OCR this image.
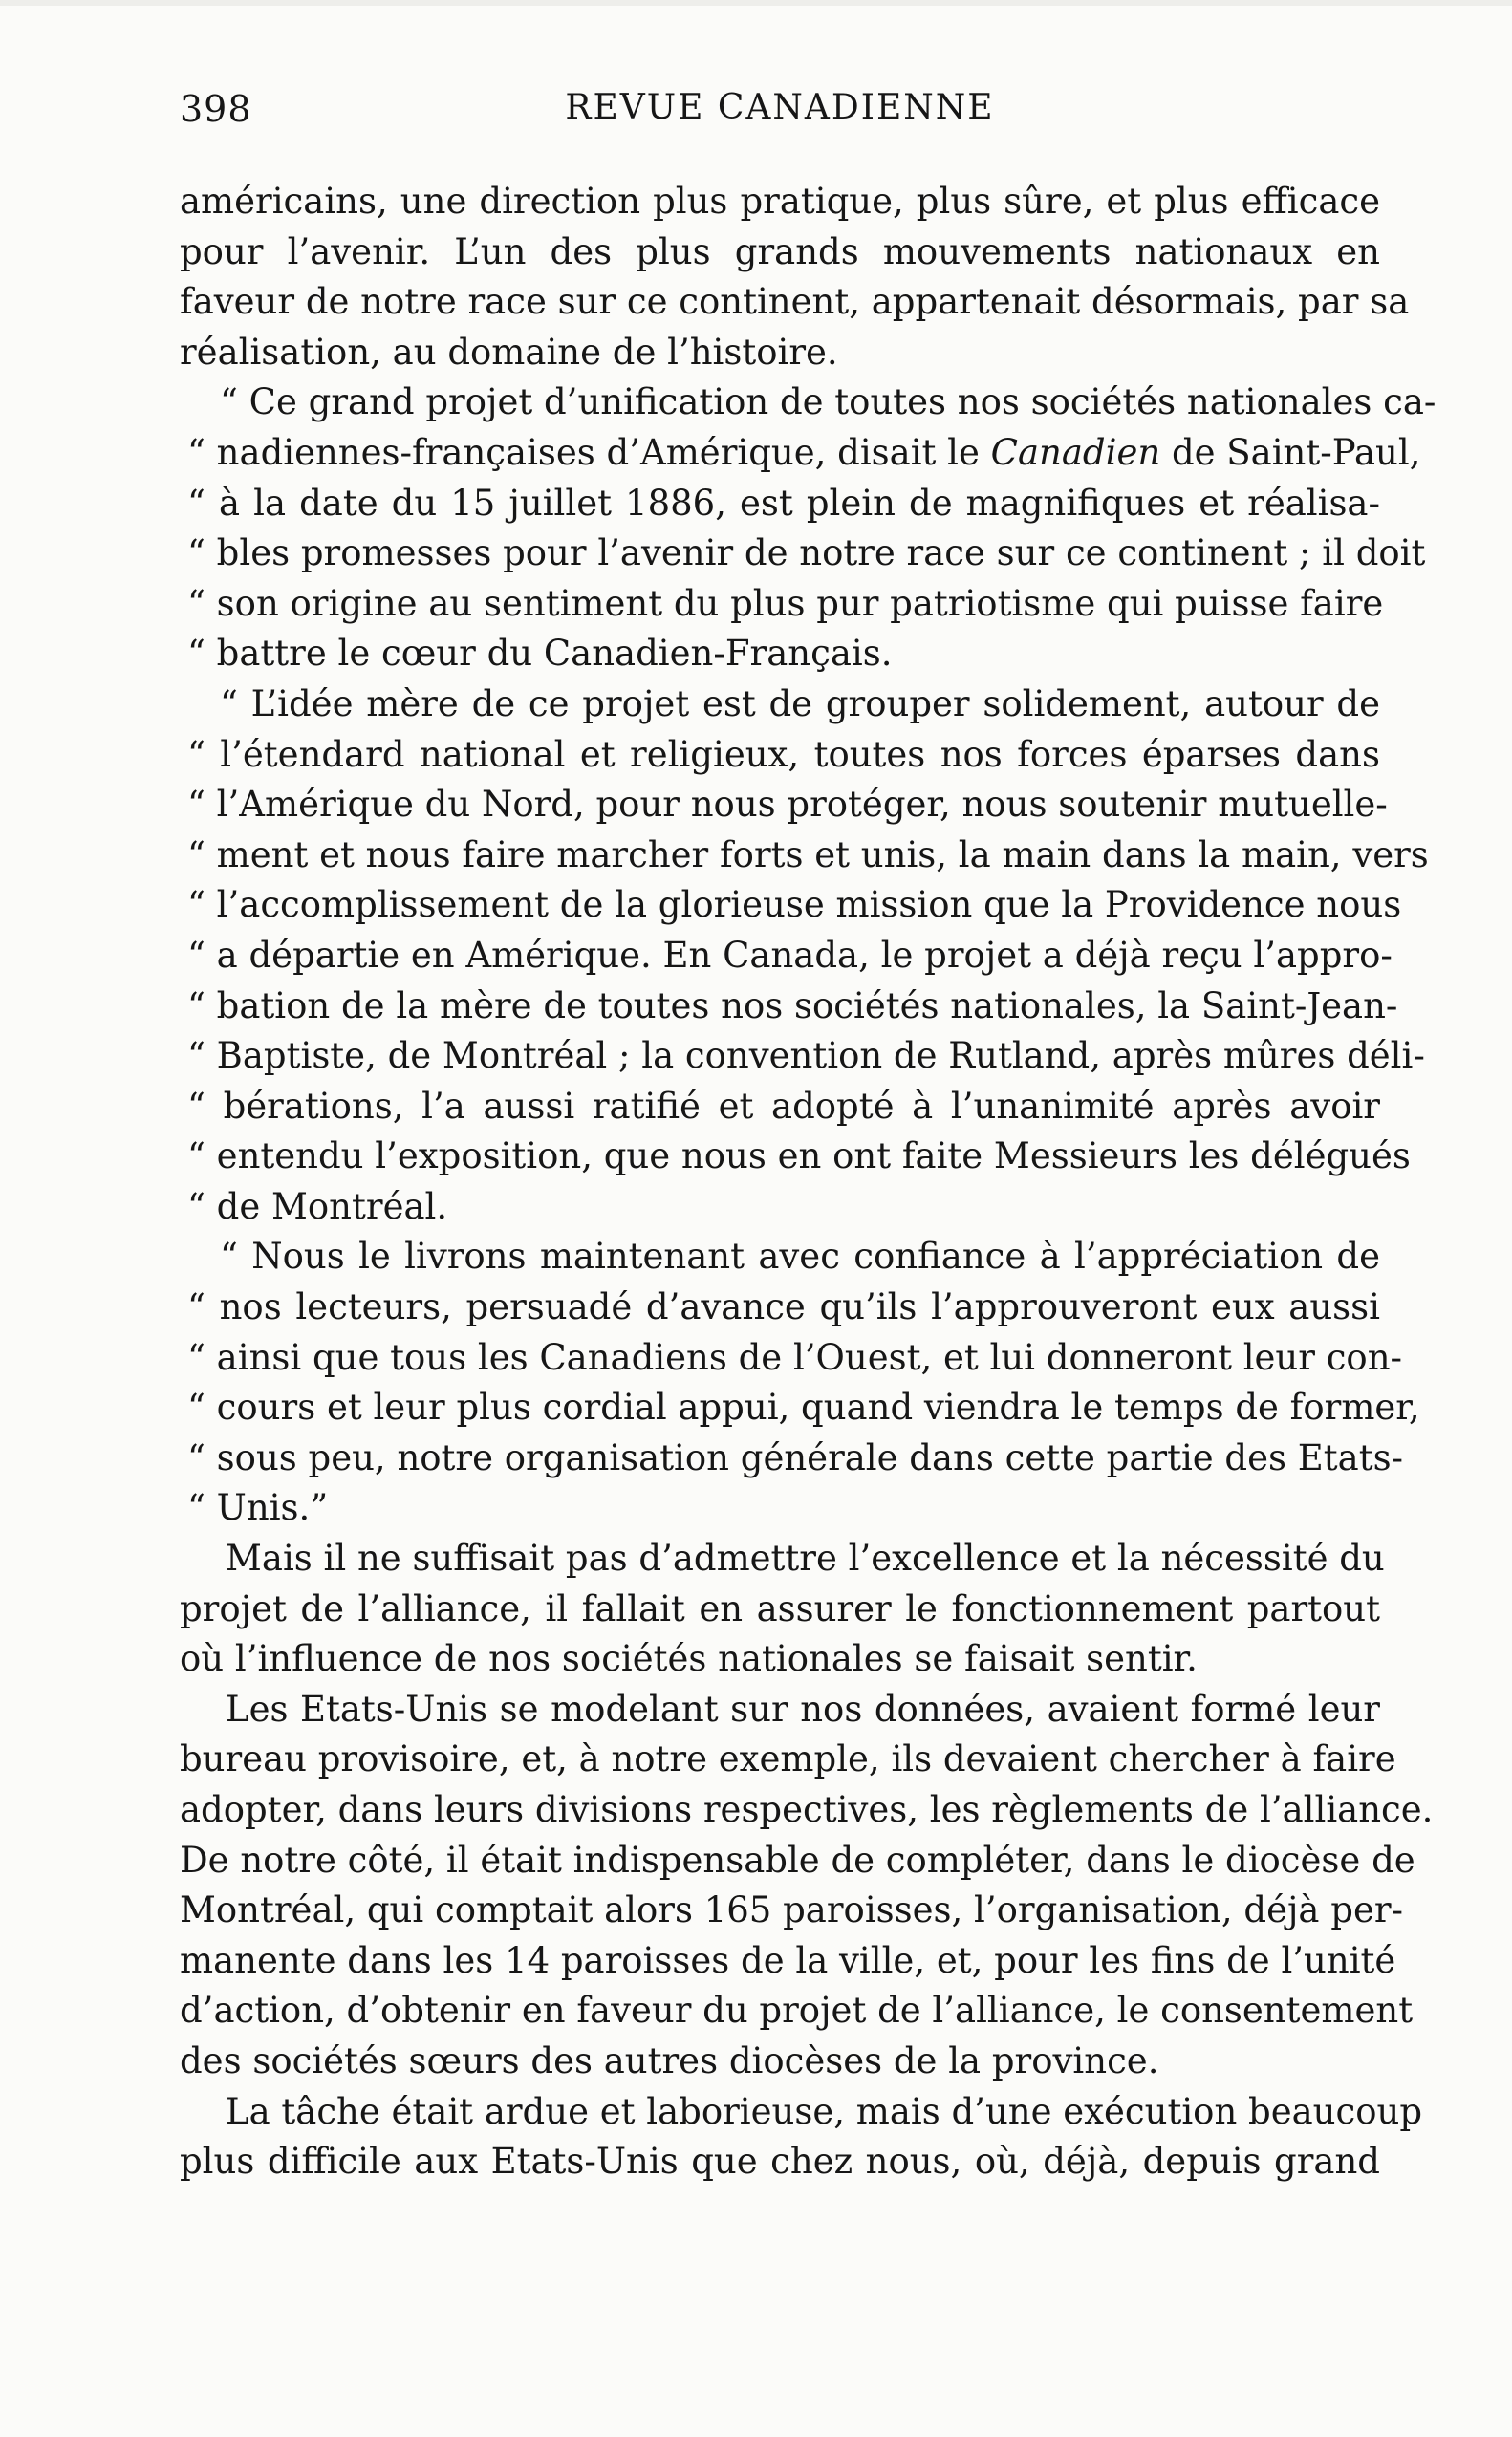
398	REVUE CANADIENNE
américains, une direction plus pratique, plus sûre, et plus efficace
pour l’avenir. L’un des plus grands mouvements nationaux en
faveur de notre race sur ce continent, appartenait désormais, par sa
réalisation, au domaine de l’histoire.
“ Ce grand projet d’unification de toutes nos sociétés nationales ca-
“ nadiennes-françaises d’Amérique, disait le Canadien de Saint-Paul,
“ à la date du 15 juillet 1886, est plein de magnifiques et réalisa-
“ bles promesses pour l’avenir de notre race sur ce continent ; il doit
“ son origine au sentiment du plus pur patriotisme qui puisse faire
“ battre le cœur du Canadien-Français.
“ L’idée mère de ce projet est de grouper solidement, autour de
“ l’étendard national et religieux, toutes nos forces éparses dans
“ l’Amérique du Nord, pour nous protéger, nous soutenir mutuelle-
“ ment et nous faire marcher forts et unis, la main dans la main, vers
“ l’accomplissement de la glorieuse mission que la Providence nous
“ a départie en Amérique. En Canada, le projet a déjà reçu l’appro-
“ bation de la mère de toutes nos sociétés nationales, la Saint-Jean-
“ Baptiste, de Montréal ; la convention de Rutland, après mûres déli-
“ bérations, l’a aussi ratifié et adopté à l’unanimité après avoir
“ entendu l’exposition, que nous en ont faite Messieurs les délégués
“ de Montréal.
“ Nous le livrons maintenant avec confiance à l’appréciation de
“ nos lecteurs, persuadé d’avance qu’ils l’approuveront eux aussi
“ ainsi que tous les Canadiens de l’Ouest, et lui donneront leur con-
“ cours et leur plus cordial appui, quand viendra le temps de former,
“ sous peu, notre organisation générale dans cette partie des Etats-
“ Unis.”
Mais il ne suffisait pas d’admettre l’excellence et la nécessité du
projet de l’alliance, il fallait en assurer le fonctionnement partout
où l’influence de nos sociétés nationales se faisait sentir.
Les Etats-Unis se modelant sur nos données, avaient formé leur
bureau provisoire, et, à notre exemple, ils devaient chercher à faire
adopter, dans leurs divisions respectives, les règlements de l’alliance.
De notre côté, il était indispensable de compléter, dans le diocèse de
Montréal, qui comptait alors 165 paroisses, l’organisation, déjà per-
manente dans les 14 paroisses de la ville, et, pour les fins de l’unité
d’action, d’obtenir en faveur du projet de l’alliance, le consentement
des sociétés sœurs des autres diocèses de la province.
La tâche était ardue et laborieuse, mais d’une exécution beaucoup
plus difficile aux Etats-Unis que chez nous, où, déjà, depuis grand
